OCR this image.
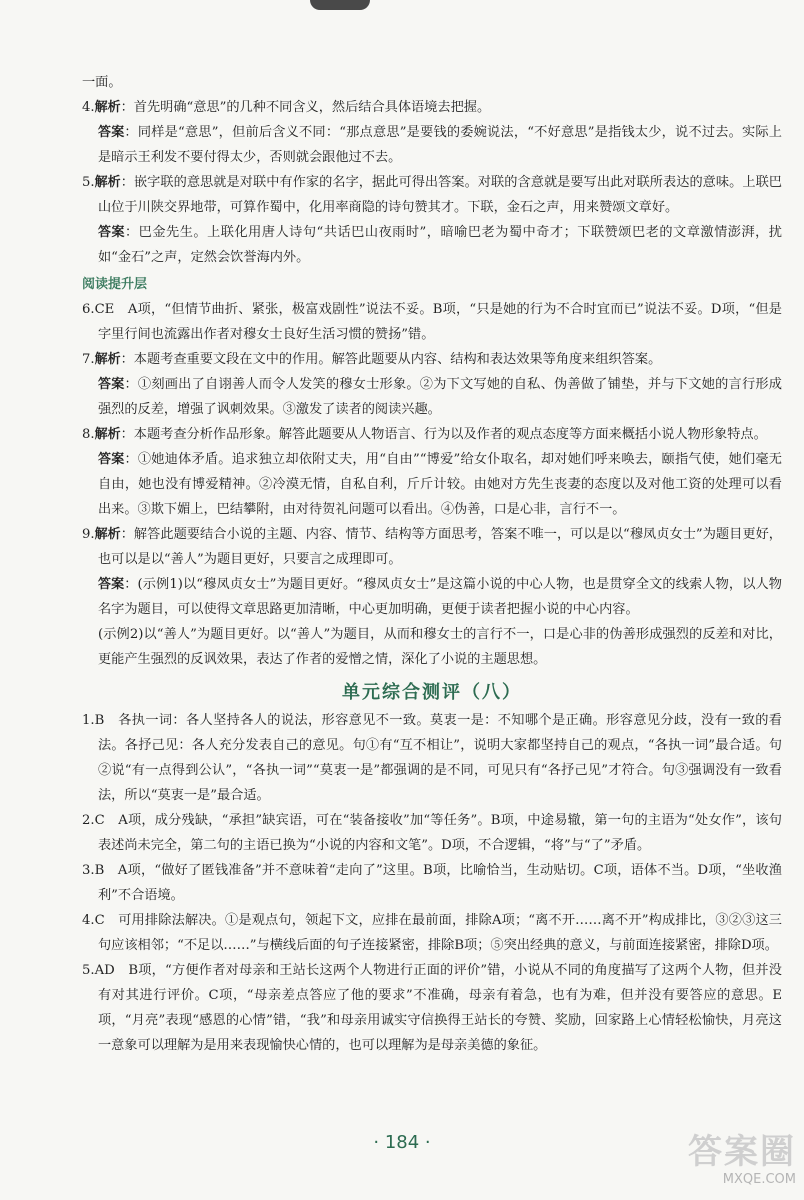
一面。

4.解析：首先明确“意思”的几种不同含义，然后结合具体语境去把握。

答案：同样是“意思”，但前后含义不同：“那点意思”是要钱的委婉说法，“不好意思”是指钱太少，说不过去。实际上是暗示王利发不要付得太少，否则就会跟他过不去。

5.解析：嵌字联的意思就是对联中有作家的名字，据此可得出答案。对联的含意就是要写出此对联所表达的意味。上联巴山位于川陕交界地带，可算作蜀中，化用率商隐的诗句赞其才。下联，金石之声，用来赞颂文章好。

答案：巴金先生。上联化用唐人诗句“共话巴山夜雨时”，暗喻巴老为蜀中奇才；下联赞颂巴老的文章激情澎湃，扰如“金石”之声，定然会饮誉海内外。

阅读提升层

6.CE　A项，“但情节曲折、紧张，极富戏剧性”说法不妥。B项，“只是她的行为不合时宜而已”说法不妥。D项，“但是字里行间也流露出作者对穆女士良好生活习惯的赞扬”错。

7.解析：本题考查重要文段在文中的作用。解答此题要从内容、结构和表达效果等角度来组织答案。

答案：①刻画出了自诩善人而令人发笑的穆女士形象。②为下文写她的自私、伪善做了铺垫，并与下文她的言行形成强烈的反差，增强了讽刺效果。③激发了读者的阅读兴趣。

8.解析：本题考查分析作品形象。解答此题要从人物语言、行为以及作者的观点态度等方面来概括小说人物形象特点。

答案：①她迪体矛盾。追求独立却依附丈夫，用“自由”“博爱”给女仆取名，却对她们呼来唤去，颐指气使，她们毫无自由，她也没有博爱精神。②冷漠无情，自私自利，斤斤计较。由她对方先生丧妻的态度以及对他工资的处理可以看出来。③欺下媚上，巴结攀附，由对待贺礼问题可以看出。④伪善，口是心非，言行不一。

9.解析：解答此题要结合小说的主题、内容、情节、结构等方面思考，答案不唯一，可以是以“穆凤贞女士”为题目更好，也可以是以“善人”为题目更好，只要言之成理即可。

答案：(示例1)以“穆凤贞女士”为题目更好。“穆凤贞女士”是这篇小说的中心人物，也是贯穿全文的线索人物，以人物名字为题目，可以使得文章思路更加清晰，中心更加明确，更便于读者把握小说的中心内容。

(示例2)以“善人”为题目更好。以“善人”为题目，从而和穆女士的言行不一，口是心非的伪善形成强烈的反差和对比，更能产生强烈的反讽效果，表达了作者的爱憎之情，深化了小说的主题思想。

单元综合测评（八）

1.B　各执一词：各人坚持各人的说法，形容意见不一致。莫衷一是：不知哪个是正确。形容意见分歧，没有一致的看法。各抒己见：各人充分发表自己的意见。句①有“互不相让”，说明大家都坚持自己的观点，“各执一词”最合适。句②说“有一点得到公认”，“各执一词”“莫衷一是”都强调的是不同，可见只有“各抒己见”才符合。句③强调没有一致看法，所以“莫衷一是”最合适。

2.C　A项，成分残缺，“承担”缺宾语，可在“装备接收”加“等任务”。B项，中途易辙，第一句的主语为“处女作”，该句表述尚未完全，第二句的主语已换为“小说的内容和文笔”。D项，不合逻辑，“将”与“了”矛盾。

3.B　A项，“做好了匿钱准备”并不意味着“走向了”这里。B项，比喻恰当，生动贴切。C项，语体不当。D项，“坐收渔利”不合语境。

4.C　可用排除法解决。①是观点句，领起下文，应排在最前面，排除A项；“离不开……离不开”构成排比，③②③这三句应该相邻；“不足以……”与横线后面的句子连接紧密，排除B项；⑤突出经典的意义，与前面连接紧密，排除D项。

5.AD　B项，“方便作者对母亲和王站长这两个人物进行正面的评价”错，小说从不同的角度描写了这两个人物，但并没有对其进行评价。C项，“母亲差点答应了他的要求”不准确，母亲有着急，也有为难，但并没有要答应的意思。E项，“月亮”表现“感恩的心情”错，“我”和母亲用诚实守信换得王站长的夸赞、奖励，回家路上心情轻松愉快，月亮这一意象可以理解为是用来表现愉快心情的，也可以理解为是母亲美德的象征。

· 184 ·	答案圈
MXQE.COM
